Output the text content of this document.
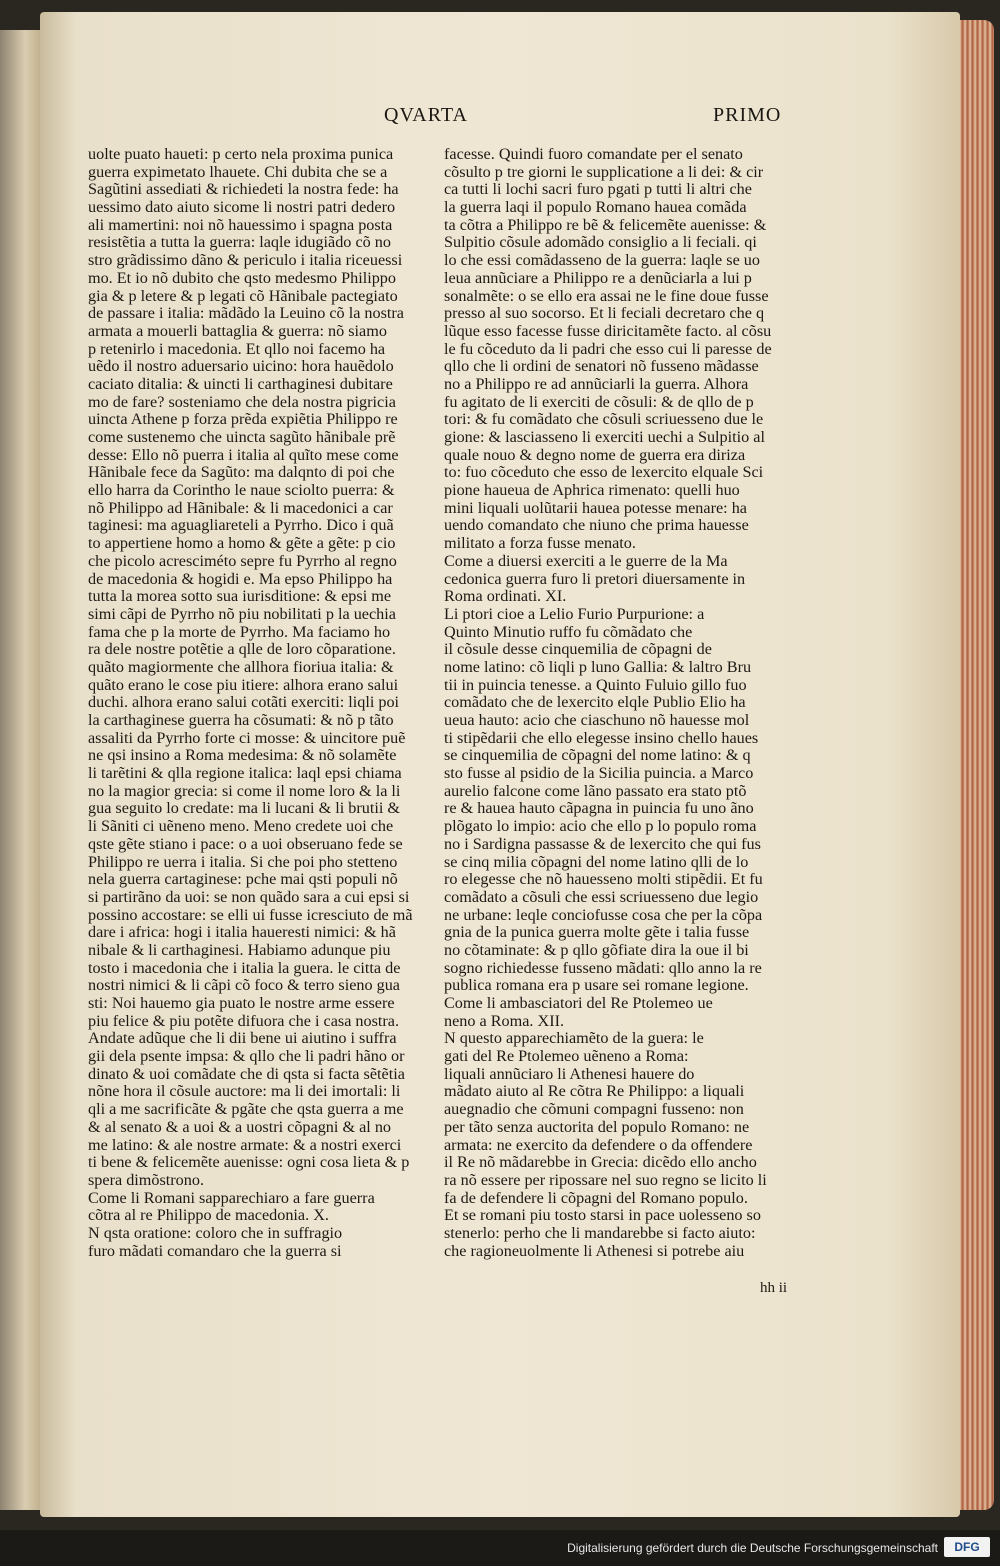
QVARTA	PRIMO
uolte puato haueti: p certo nela proxima punica
guerra expimetato lhauete. Chi dubita che se a
Sagũtini assediati & richiedeti la nostra fede: ha
uessimo dato aiuto sicome li nostri patri dedero
ali mamertini: noi nõ hauessimo i spagna posta
resistẽtia a tutta la guerra: laqle idugiãdo cõ no
stro grãdissimo dãno & periculo i italia riceuessi
mo. Et io nõ dubito che qsto medesmo Philippo
gia & p letere & p legati cõ Hãnibale pactegiato
de passare i italia: mãdãdo la Leuino cõ la nostra
armata a mouerli battaglia & guerra: nõ siamo
p retenirlo i macedonia. Et qllo noi facemo ha
uẽdo il nostro aduersario uicino: hora hauẽdolo
caciato ditalia: & uincti li carthaginesi dubitare
mo de fare? sosteniamo che dela nostra pigricia
uincta Athene p forza prẽda expiẽtia Philippo re
come sustenemo che uincta sagũto hãnibale prẽ
desse: Ello nõ puerra i italia al quĩto mese come
Hãnibale fece da Sagũto: ma dalqnto di poi che
ello harra da Corintho le naue sciolto puerra: &
nõ Philippo ad Hãnibale: & li macedonici a car
taginesi: ma aguagliareteli a Pyrrho. Dico i quã
to appertiene homo a homo & gẽte a gẽte: p cio
che picolo acresciméto sepre fu Pyrrho al regno
de macedonia & hogidi e. Ma epso Philippo ha
tutta la morea sotto sua iurisditione: & epsi me
simi cãpi de Pyrrho nõ piu nobilitati p la uechia
fama che p la morte de Pyrrho. Ma faciamo ho
ra dele nostre potẽtie a qlle de loro cõparatione.
quãto magiormente che allhora fioriua italia: &
quãto erano le cose piu itiere: alhora erano salui
duchi. alhora erano salui cotãti exerciti: liqli poi
la carthaginese guerra ha cõsumati: & nõ p tãto
assaliti da Pyrrho forte ci mosse: & uincitore puẽ
ne qsi insino a Roma medesima: & nõ solamẽte
li tarẽtini & qlla regione italica: laql epsi chiama
no la magior grecia: si come il nome loro & la li
gua seguito lo credate: ma li lucani & li brutii &
li Sãniti ci uẽneno meno. Meno credete uoi che
qste gẽte stiano i pace: o a uoi obseruano fede se
Philippo re uerra i italia. Si che poi pho stetteno
nela guerra cartaginese: pche mai qsti populi nõ
si partirãno da uoi: se non quãdo sara a cui epsi si
possino accostare: se elli ui fusse icresciuto de mã
dare i africa: hogi i italia haueresti nimici: & hã
nibale & li carthaginesi. Habiamo adunque piu
tosto i macedonia che i italia la guera. le citta de
nostri nimici & li cãpi cõ foco & terro sieno gua
sti: Noi hauemo gia puato le nostre arme essere
piu felice & piu potẽte difuora che i casa nostra.
Andate adũque che li dii bene ui aiutino i suffra
gii dela psente impsa: & qllo che li padri hãno or
dinato & uoi comãdate che di qsta si facta sẽtẽtia
nõne hora il cõsule auctore: ma li dei imortali: li
qli a me sacrificãte & pgãte che qsta guerra a me
& al senato & a uoi & a uostri cõpagni & al no
me latino: & ale nostre armate: & a nostri exerci
ti bene & felicemẽte auenisse: ogni cosa lieta & p
spera dimõstrono.
Come li Romani sapparechiaro a fare guerra
cõtra al re Philippo de macedonia. X.
N qsta oratione: coloro che in suffragio
furo mãdati comandaro che la guerra si
facesse. Quindi fuoro comandate per el senato
cõsulto p tre giorni le supplicatione a li dei: & cir
ca tutti li lochi sacri furo pgati p tutti li altri che
la guerra laqi il populo Romano hauea comãda
ta cõtra a Philippo re bẽ & felicemẽte auenisse: &
Sulpitio cõsule adomãdo consiglio a li feciali. qi
lo che essi comãdasseno de la guerra: laqle se uo
leua annũciare a Philippo re a denũciarla a lui p
sonalmẽte: o se ello era assai ne le fine doue fusse
presso al suo socorso. Et li feciali decretaro che q
lũque esso facesse fusse diricitamẽte facto. al cõsu
le fu cõceduto da li padri che esso cui li paresse de
qllo che li ordini de senatori nõ fusseno mãdasse
no a Philippo re ad annũciarli la guerra. Alhora
fu agitato de li exerciti de cõsuli: & de qllo de p
tori: & fu comãdato che cõsuli scriuesseno due le
gione: & lasciasseno li exerciti uechi a Sulpitio al
quale nouo & degno nome de guerra era diriza
to: fuo cõceduto che esso de lexercito elquale Sci
pione haueua de Aphrica rimenato: quelli huo
mini liquali uolũtarii hauea potesse menare: ha
uendo comandato che niuno che prima hauesse
militato a forza fusse menato.
Come a diuersi exerciti a le guerre de la Ma
cedonica guerra furo li pretori diuersamente in
Roma ordinati. XI.
Li ptori cioe a Lelio Furio Purpurione: a
Quinto Minutio ruffo fu cõmãdato che
il cõsule desse cinquemilia de cõpagni de
nome latino: cõ liqli p luno Gallia: & laltro Bru
tii in puincia tenesse. a Quinto Fuluio gillo fuo
comãdato che de lexercito elqle Publio Elio ha
ueua hauto: acio che ciaschuno nõ hauesse mol
ti stipẽdarii che ello elegesse insino chello haues
se cinquemilia de cõpagni del nome latino: & q
sto fusse al psidio de la Sicilia puincia. a Marco
aurelio falcone come lãno passato era stato ptõ
re & hauea hauto cãpagna in puincia fu uno ãno
plõgato lo impio: acio che ello p lo populo roma
no i Sardigna passasse & de lexercito che qui fus
se cinq milia cõpagni del nome latino qlli de lo
ro elegesse che nõ hauesseno molti stipẽdii. Et fu
comãdato a cõsuli che essi scriuesseno due legio
ne urbane: leqle conciofusse cosa che per la cõpa
gnia de la punica guerra molte gẽte i talia fusse
no cõtaminate: & p qllo gõfiate dira la oue il bi
sogno richiedesse fusseno mãdati: qllo anno la re
publica romana era p usare sei romane legione.
Come li ambasciatori del Re Ptolemeo ue
neno a Roma. XII.
N questo apparechiamẽto de la guera: le
gati del Re Ptolemeo uẽneno a Roma:
liquali annũciaro li Athenesi hauere do
mãdato aiuto al Re cõtra Re Philippo: a liquali
auegnadio che cõmuni compagni fusseno: non
per tãto senza auctorita del populo Romano: ne
armata: ne exercito da defendere o da offendere
il Re nõ mãdarebbe in Grecia: dicẽdo ello ancho
ra nõ essere per ripossare nel suo regno se licito li
fa de defendere li cõpagni del Romano populo.
Et se romani piu tosto starsi in pace uolesseno so
stenerlo: perho che li mandarebbe si facto aiuto:
che ragioneuolmente li Athenesi si potrebe aiu
hh ii
Digitalisierung gefördert durch die Deutsche Forschungsgemeinschaft	DFG
